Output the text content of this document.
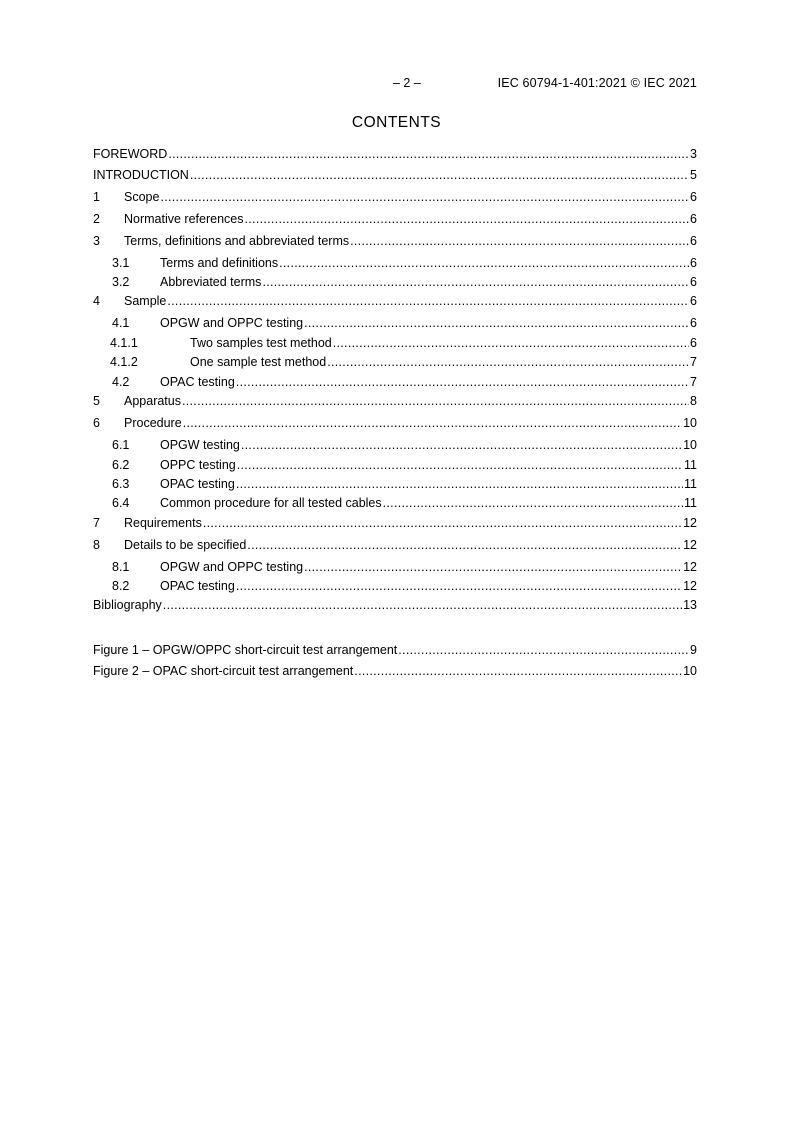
– 2 –	IEC 60794-1-401:2021 © IEC 2021
CONTENTS
FOREWORD .....	3
INTRODUCTION .....	5
1	Scope .....	6
2	Normative references .....	6
3	Terms, definitions and abbreviated terms .....	6
3.1	Terms and definitions .....	6
3.2	Abbreviated terms .....	6
4	Sample .....	6
4.1	OPGW and OPPC testing .....	6
4.1.1	Two samples test method .....	6
4.1.2	One sample test method .....	7
4.2	OPAC testing .....	7
5	Apparatus .....	8
6	Procedure .....	10
6.1	OPGW testing .....	10
6.2	OPPC testing .....	11
6.3	OPAC testing .....	11
6.4	Common procedure for all tested cables .....	11
7	Requirements .....	12
8	Details to be specified .....	12
8.1	OPGW and OPPC testing .....	12
8.2	OPAC testing .....	12
Bibliography .....	13
Figure 1 – OPGW/OPPC short-circuit test arrangement .....	9
Figure 2 – OPAC short-circuit test arrangement .....	10
